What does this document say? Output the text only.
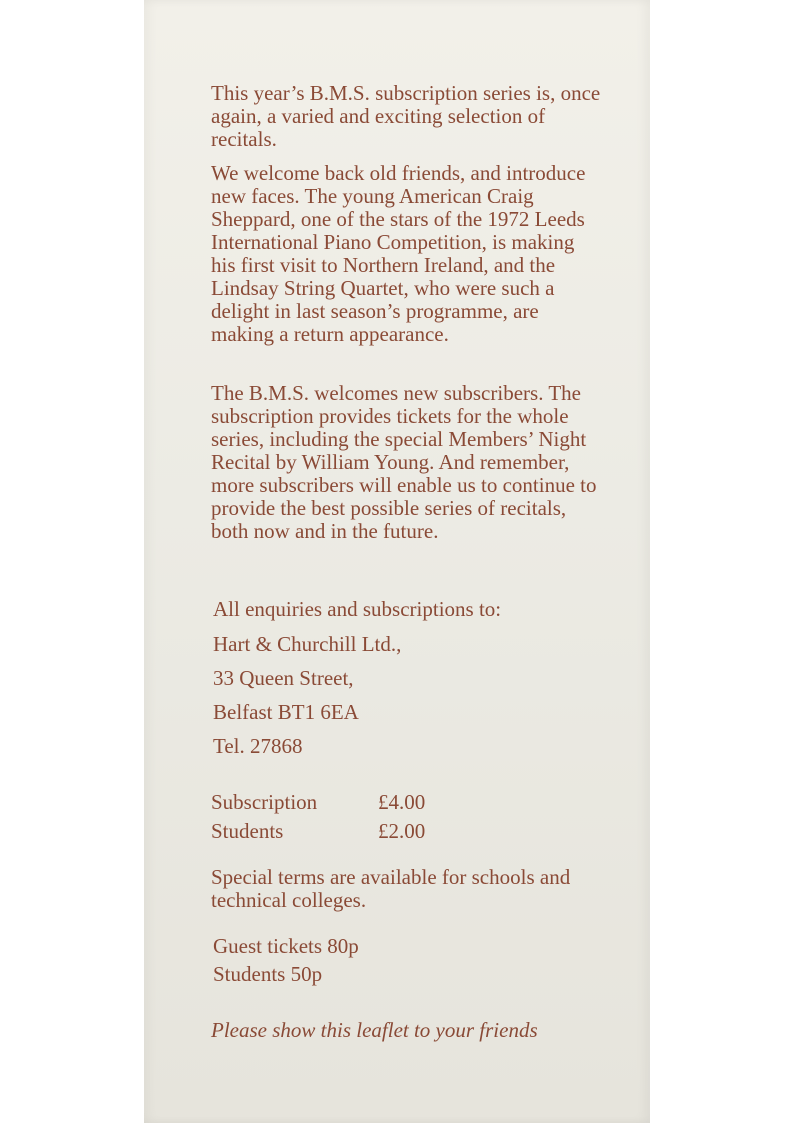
This year’s B.M.S. subscription series is, once again, a varied and exciting selection of recitals.

We welcome back old friends, and introduce new faces. The young American Craig Sheppard, one of the stars of the 1972 Leeds International Piano Competition, is making his first visit to Northern Ireland, and the Lindsay String Quartet, who were such a delight in last season’s programme, are making a return appearance.

The B.M.S. welcomes new subscribers. The subscription provides tickets for the whole series, including the special Members’ Night Recital by William Young. And remember, more subscribers will enable us to continue to provide the best possible series of recitals, both now and in the future.

All enquiries and subscriptions to:

Hart & Churchill Ltd.,

33 Queen Street,

Belfast BT1 6EA

Tel. 27868

Subscription	£4.00
Students	£2.00

Special terms are available for schools and technical colleges.

Guest tickets 80p

Students 50p

Please show this leaflet to your friends
